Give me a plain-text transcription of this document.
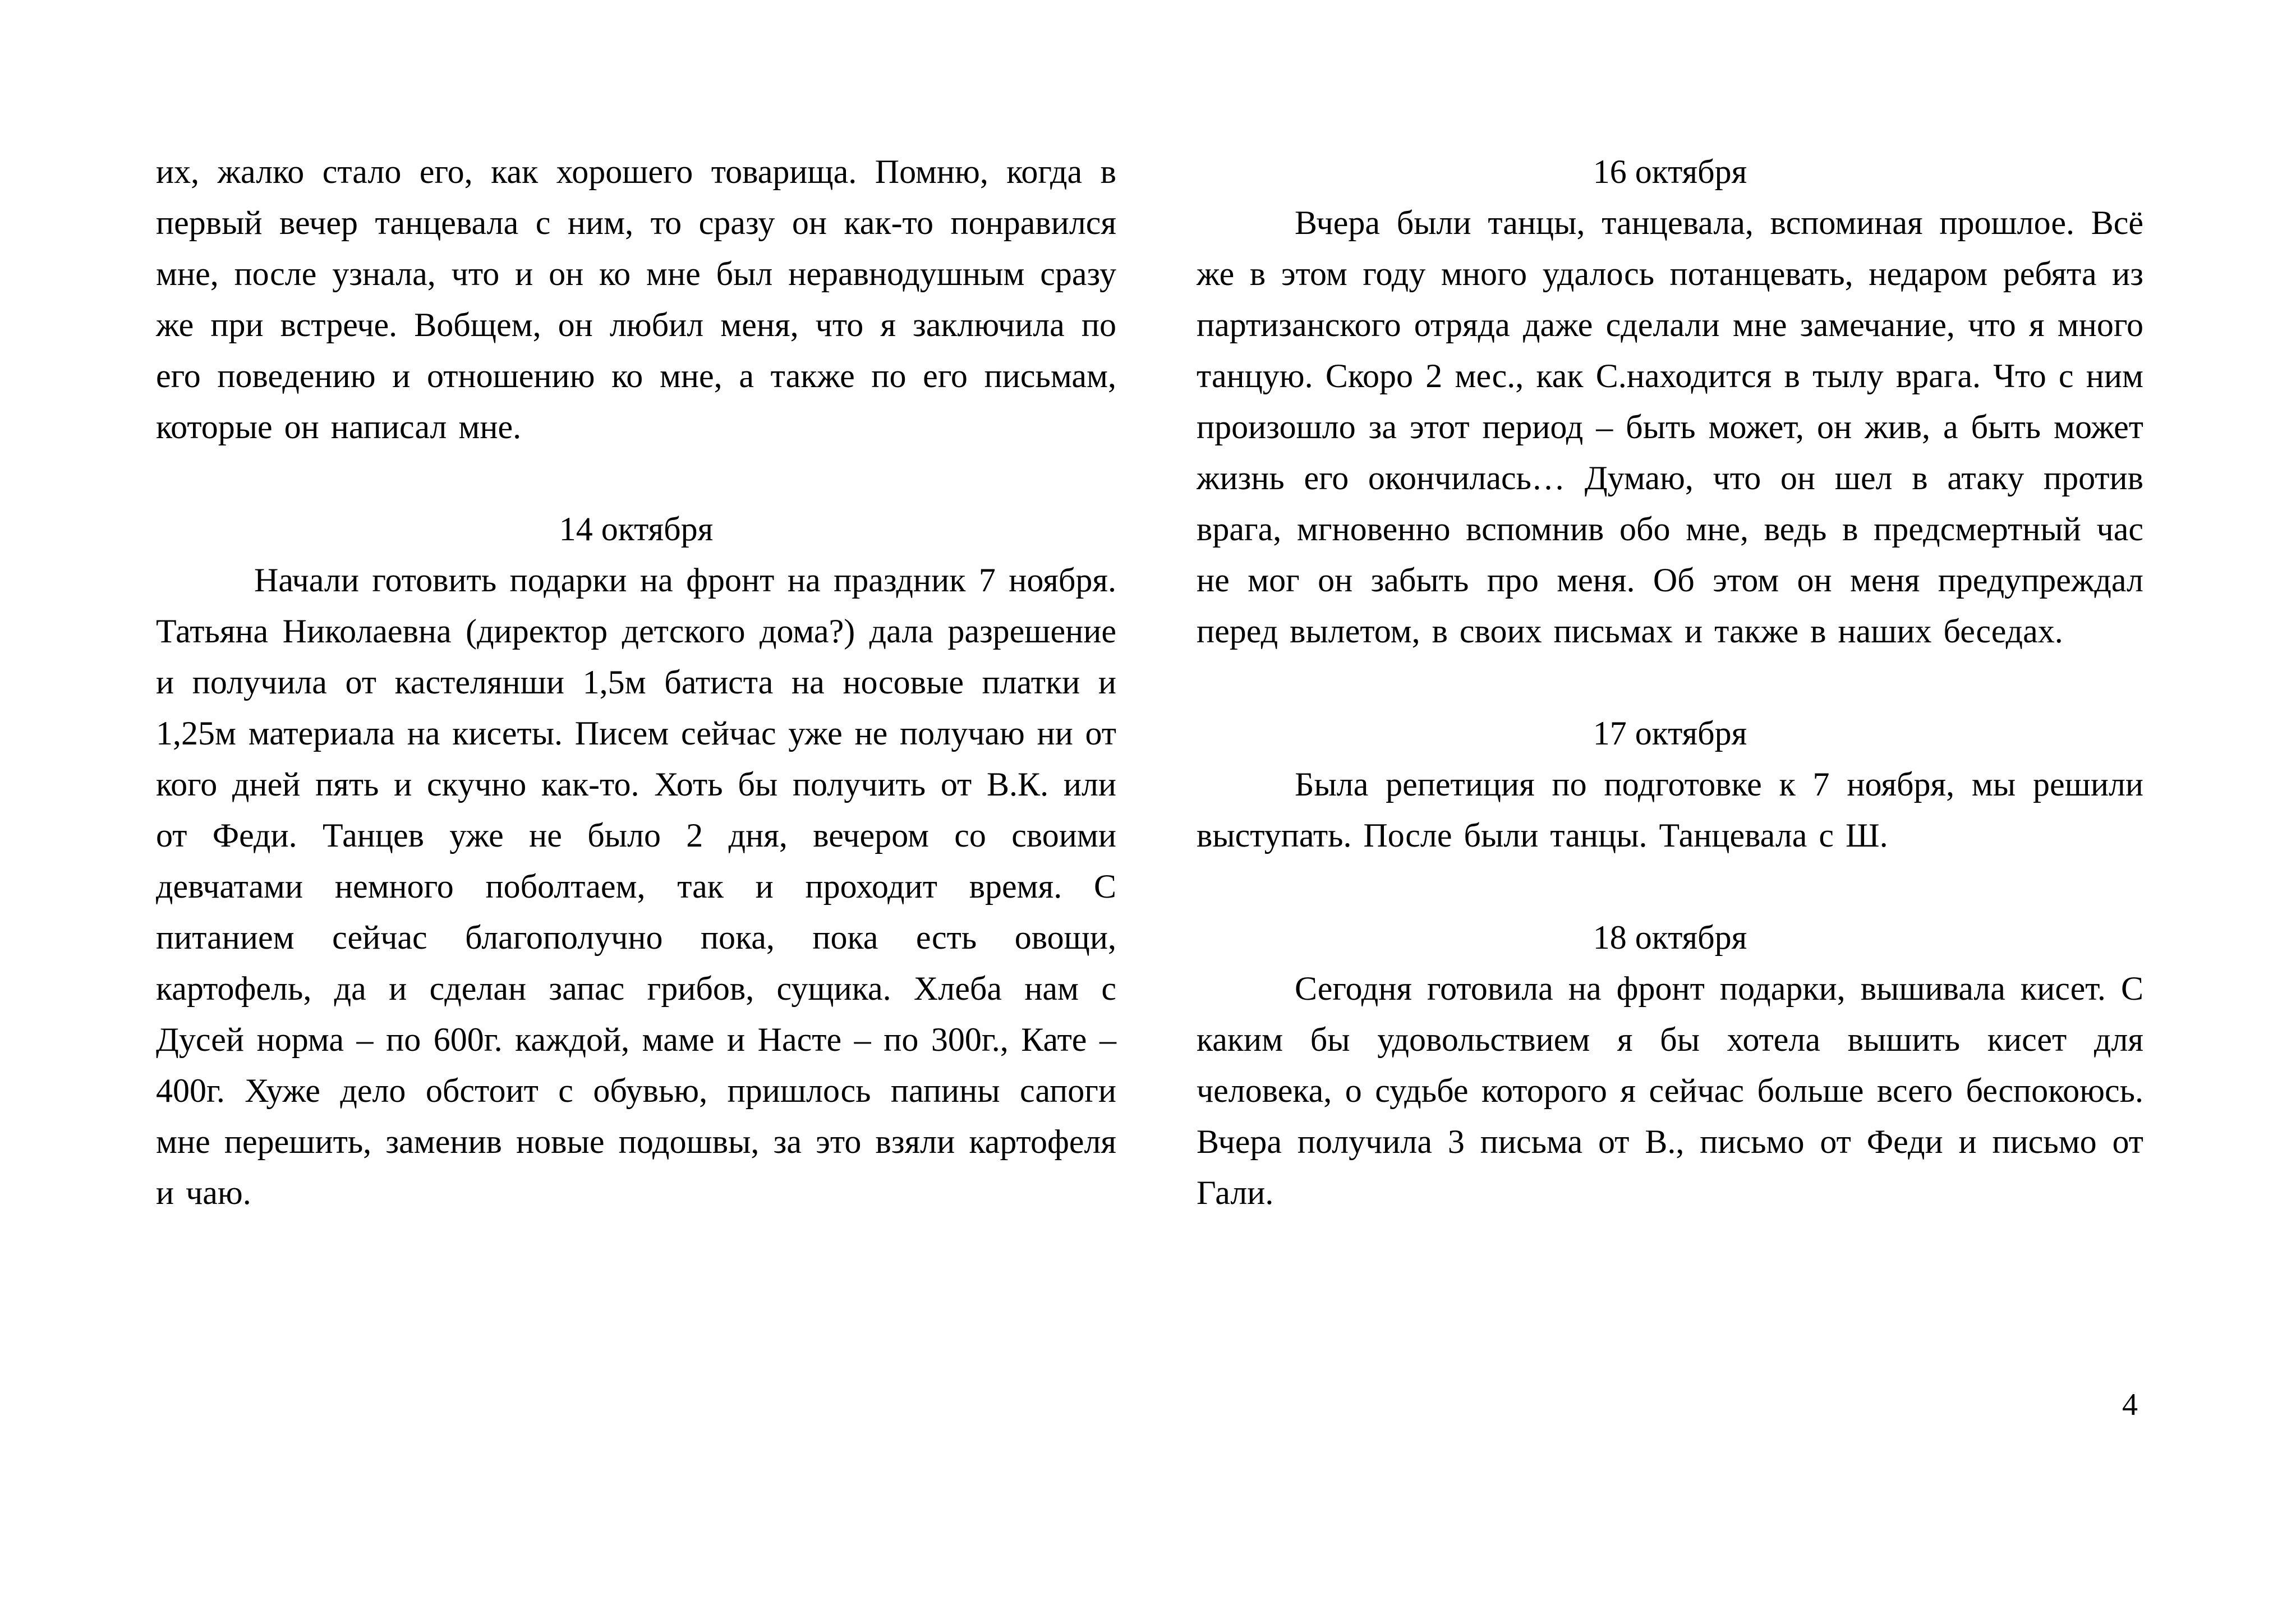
их, жалко стало его, как хорошего товарища. Помню, когда в первый вечер танцевала с ним, то сразу он как-то понравился мне, после узнала, что и он ко мне был неравнодушным сразу же при встрече. Вобщем, он любил меня, что я заключила по его поведению и отношению ко мне, а также по его письмам, которые он написал мне.

14 октября

Начали готовить подарки на фронт на праздник 7 ноября. Татьяна Николаевна (директор детского дома?) дала разрешение и получила от кастелянши 1,5м батиста на носовые платки и 1,25м материала на кисеты. Писем сейчас уже не получаю ни от кого дней пять и скучно как-то. Хоть бы получить от В.К. или от Феди. Танцев уже не было 2 дня, вечером со своими девчатами немного поболтаем, так и проходит время. С питанием сейчас благополучно пока, пока есть овощи, картофель, да и сделан запас грибов, сущика. Хлеба нам с Дусей норма – по 600г. каждой, маме и Насте – по 300г., Кате – 400г. Хуже дело обстоит с обувью, пришлось папины сапоги мне перешить, заменив новые подошвы, за это взяли картофеля и чаю.

16 октября

Вчера были танцы, танцевала, вспоминая прошлое. Всё же в этом году много удалось потанцевать, недаром ребята из партизанского отряда даже сделали мне замечание, что я много танцую. Скоро 2 мес., как С.находится в тылу врага. Что с ним произошло за этот период – быть может, он жив, а быть может жизнь его окончилась… Думаю, что он шел в атаку против врага, мгновенно вспомнив обо мне, ведь в предсмертный час не мог он забыть про меня. Об этом он меня предупреждал перед вылетом, в своих письмах и также в наших беседах.

17 октября

Была репетиция по подготовке к 7 ноября, мы решили выступать. После были танцы. Танцевала с Ш.

18 октября

Сегодня готовила на фронт подарки, вышивала кисет. С каким бы удовольствием я бы хотела вышить кисет для человека, о судьбе которого я сейчас больше всего беспокоюсь. Вчера получила 3 письма от В., письмо от Феди и письмо от Гали.

4
